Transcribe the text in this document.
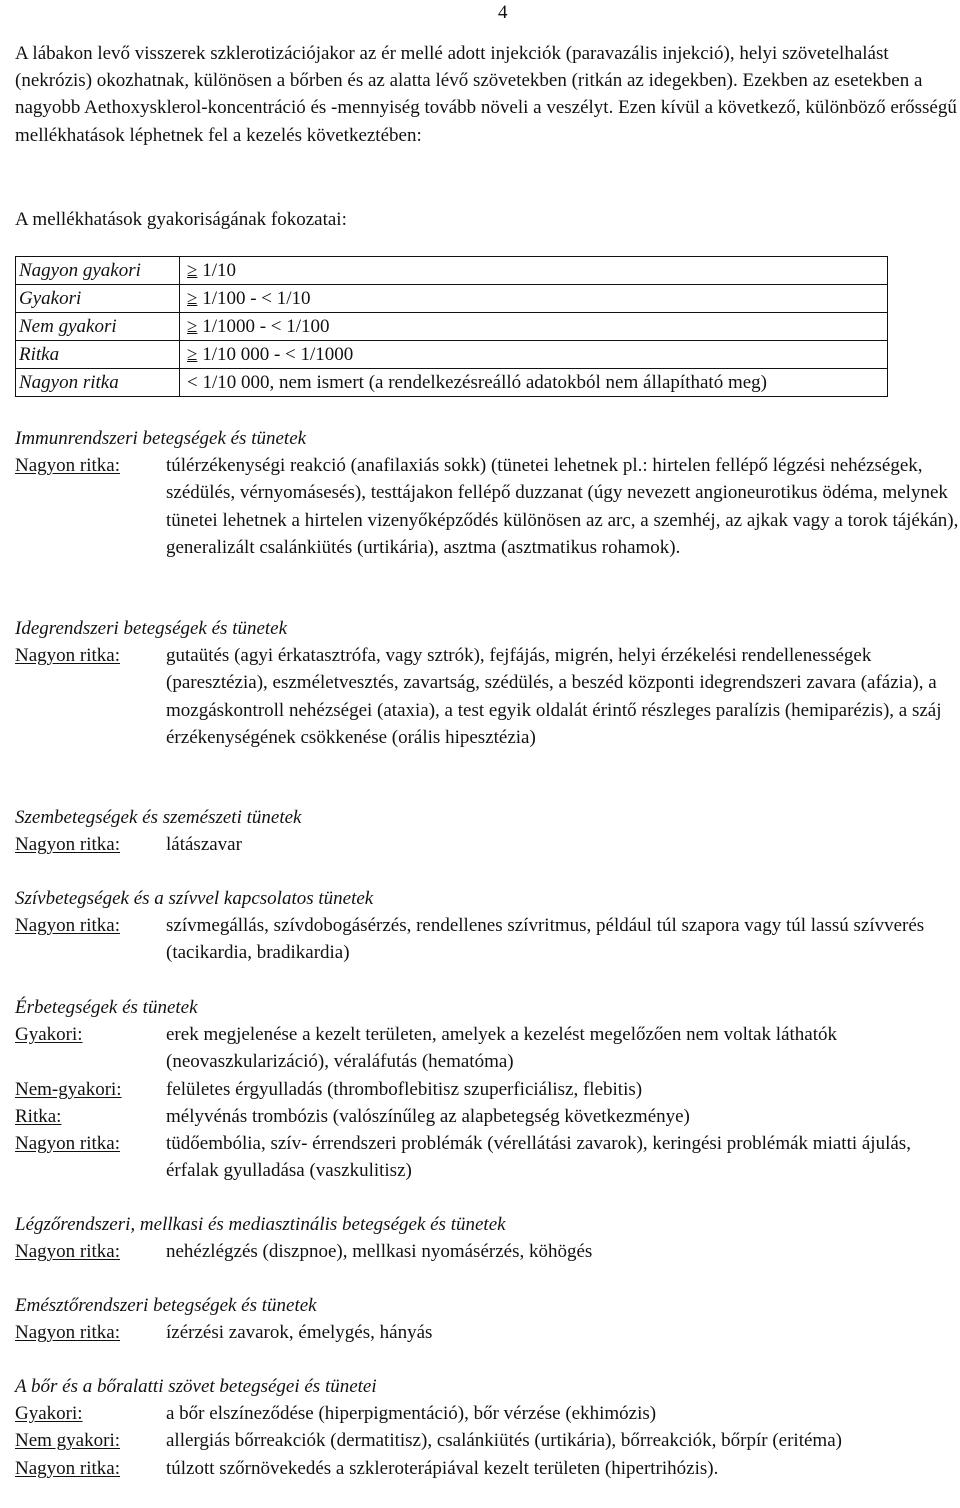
4
A lábakon levő visszerek szklerotizációjakor az ér mellé adott injekciók (paravazális injekció), helyi szövetelhalást (nekrózis) okozhatnak, különösen a bőrben és az alatta lévő szövetekben (ritkán az idegekben). Ezekben az esetekben a nagyobb Aethoxysklerol-koncentráció és -mennyiség tovább növeli a veszélyt. Ezen kívül a következő, különböző erősségű mellékhatások léphetnek fel a kezelés következtében:
A mellékhatások gyakoriságának fokozatai:
Nagyon gyakori	≥ 1/10
Gyakori	≥ 1/100 - < 1/10
Nem gyakori	≥ 1/1000 - < 1/100
Ritka	≥ 1/10 000 - < 1/1000
Nagyon ritka	< 1/10 000, nem ismert (a rendelkezésreálló adatokból nem állapítható meg)
Immunrendszeri betegségek és tünetek
Nagyon ritka:	túlérzékenységi reakció (anafilaxiás sokk) (tünetei lehetnek pl.: hirtelen fellépő légzési nehézségek, szédülés, vérnyomásesés), testtájakon fellépő duzzanat (úgy nevezett angioneurotikus ödéma, melynek tünetei lehetnek a hirtelen vizenyőképződés különösen az arc, a szemhéj, az ajkak vagy a torok tájékán), generalizált csalánkiütés (urtikária), asztma (asztmatikus rohamok).
Idegrendszeri betegségek és tünetek
Nagyon ritka:	gutaütés (agyi érkatasztrófa, vagy sztrók), fejfájás, migrén, helyi érzékelési rendellenességek (paresztézia), eszméletvesztés, zavartság, szédülés, a beszéd központi idegrendszeri zavara (afázia), a mozgáskontroll nehézségei (ataxia), a test egyik oldalát érintő részleges paralízis (hemiparézis), a száj érzékenységének csökkenése (orális hipesztézia)
Szembetegségek és szemészeti tünetek
Nagyon ritka:	látászavar
Szívbetegségek és a szívvel kapcsolatos tünetek
Nagyon ritka:	szívmegállás, szívdobogásérzés, rendellenes szívritmus, például túl szapora vagy túl lassú szívverés (tacikardia, bradikardia)
Érbetegségek és tünetek
Gyakori:	erek megjelenése a kezelt területen, amelyek a kezelést megelőzően nem voltak láthatók (neovaszkularizáció), véraláfutás (hematóma)
Nem-gyakori:	felületes érgyulladás (thromboflebitisz szuperficiálisz, flebitis)
Ritka:	mélyvénás trombózis (valószínűleg az alapbetegség következménye)
Nagyon ritka:	tüdőembólia, szív- érrendszeri problémák (vérellátási zavarok), keringési problémák miatti ájulás, érfalak gyulladása (vaszkulitisz)
Légzőrendszeri, mellkasi és mediasztinális betegségek és tünetek
Nagyon ritka:	nehézlégzés (diszpnoe), mellkasi nyomásérzés, köhögés
Emésztőrendszeri betegségek és tünetek
Nagyon ritka:	ízérzési zavarok, émelygés, hányás
A bőr és a bőralatti szövet betegségei és tünetei
Gyakori:	a bőr elszíneződése (hiperpigmentáció), bőr vérzése (ekhimózis)
Nem gyakori:	allergiás bőrreakciók (dermatitisz), csalánkiütés (urtikária), bőrreakciók, bőrpír (eritéma)
Nagyon ritka:	túlzott szőrnövekedés a szkleroterápiával kezelt területen (hipertrihózis).
